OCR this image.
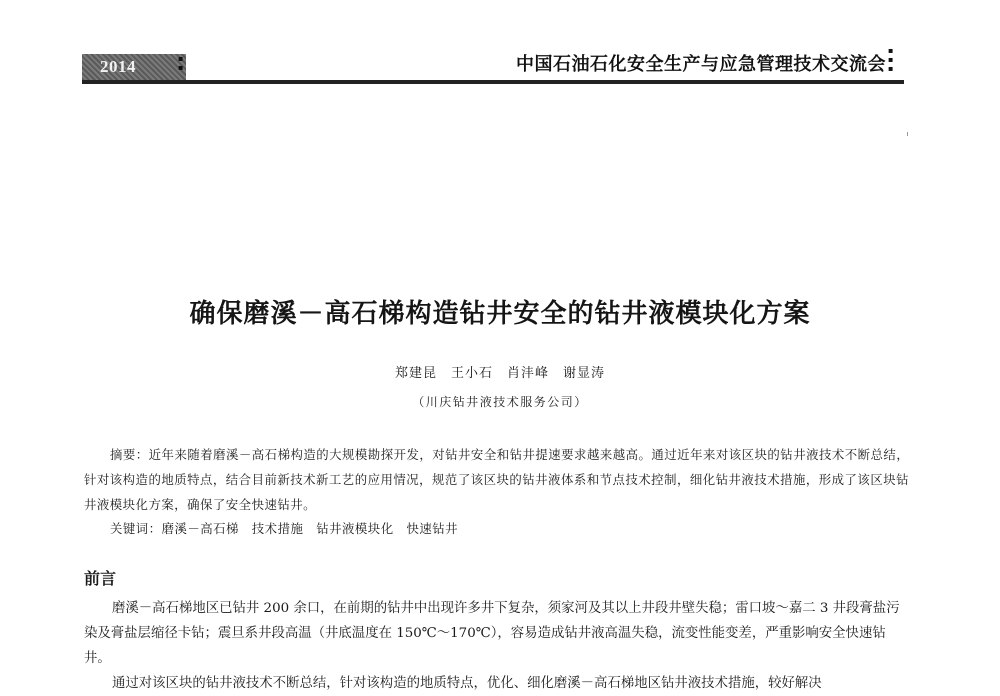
2014	▪
▪	中国石油石化安全生产与应急管理技术交流会
▪
▪
▪
确保磨溪－高石梯构造钻井安全的钻井液模块化方案
郑建昆　王小石　肖沣峰　谢显涛
（川庆钻井液技术服务公司）
摘要：近年来随着磨溪－高石梯构造的大规模勘探开发，对钻井安全和钻井提速要求越来越高。通过近年来对该区块的钻井液技术不断总结，针对该构造的地质特点，结合目前新技术新工艺的应用情况，规范了该区块的钻井液体系和节点技术控制，细化钻井液技术措施，形成了该区块钻井液模块化方案，确保了安全快速钻井。
关键词：磨溪－高石梯　技术措施　钻井液模块化　快速钻井
前言

磨溪－高石梯地区已钻井 200 余口，在前期的钻井中出现许多井下复杂，须家河及其以上井段井壁失稳；雷口坡～嘉二 3 井段膏盐污染及膏盐层缩径卡钻；震旦系井段高温（井底温度在 150℃～170℃），容易造成钻井液高温失稳，流变性能变差，严重影响安全快速钻井。

通过对该区块的钻井液技术不断总结，针对该构造的地质特点，优化、细化磨溪－高石梯地区钻井液技术措施，较好解决
